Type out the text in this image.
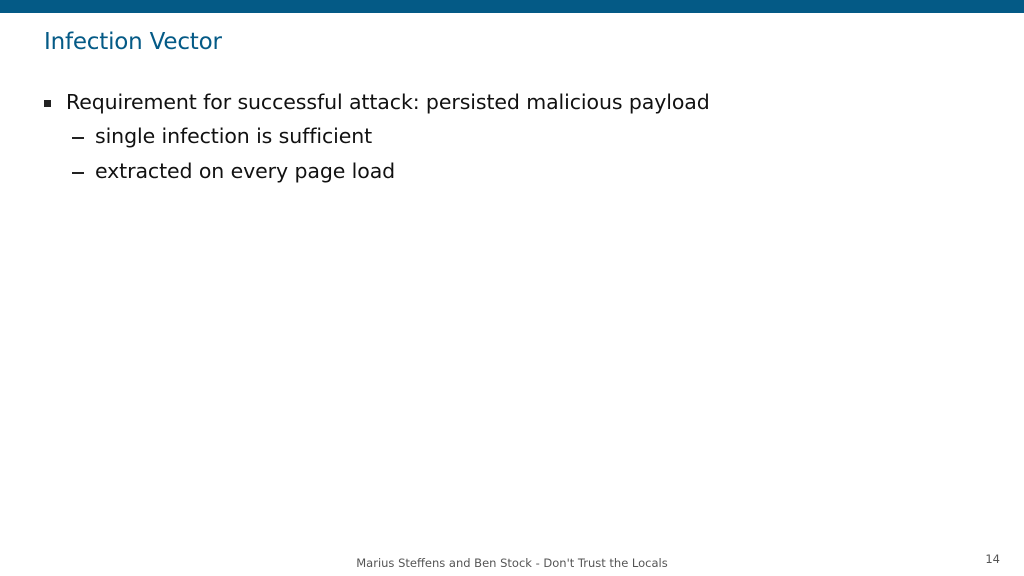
Infection Vector
Requirement for successful attack: persisted malicious payload
single infection is sufficient
extracted on every page load
Marius Steffens and Ben Stock - Don't Trust the Locals	14
